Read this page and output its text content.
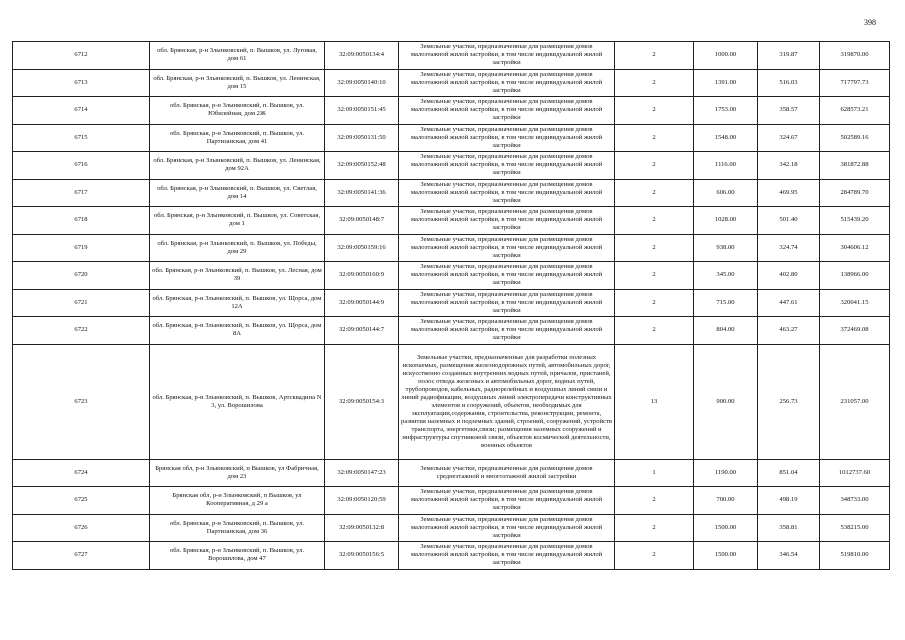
398
6712	обл. Брянская, р-н Злынковский, п. Вышков, ул. Луговая, дом 61	32:09:0050134:4	Земельные участки, предназначенные для размещения домов малоэтажной жилой застройки, в том числе индивидуальной жилой застройки	2	1000.00	319.87	319870.00
6713	обл. Брянская, р-н Злынковский, п. Вышков, ул. Ленинская, дом 15	32:09:0050140:10	Земельные участки, предназначенные для размещения домов малоэтажной жилой застройки, в том числе индивидуальной жилой застройки	2	1391.00	516.03	717797.73
6714	обл. Брянская, р-н Злынковский, п. Вышков, ул. Юбилейная, дом 2Ж	32:09:0050151:45	Земельные участки, предназначенные для размещения домов малоэтажной жилой застройки, в том числе индивидуальной жилой застройки	2	1753.00	358.57	628573.21
6715	обл. Брянская, р-н Злынковский, п. Вышков, ул. Партизанская, дом 41	32:09:0050131:50	Земельные участки, предназначенные для размещения домов малоэтажной жилой застройки, в том числе индивидуальной жилой застройки	2	1548.00	324.67	502589.16
6716	обл. Брянская, р-н Злынковский, п. Вышков, ул. Ленинская, дом 92А	32:09:0050152:48	Земельные участки, предназначенные для размещения домов малоэтажной жилой застройки, в том числе индивидуальной жилой застройки	2	1116.00	342.18	381872.88
6717	обл. Брянская, р-н Злынковский, п. Вышков, ул. Светлая, дом 14	32:09:0050141:36	Земельные участки, предназначенные для размещения домов малоэтажной жилой застройки, в том числе индивидуальной жилой застройки	2	606.00	469.95	284789.70
6718	обл. Брянская, р-н Злынковский, п. Вышков, ул. Советская, дом 1	32:09:0050148:7	Земельные участки, предназначенные для размещения домов малоэтажной жилой застройки, в том числе индивидуальной жилой застройки	2	1028.00	501.40	515439.20
6719	обл. Брянская, р-н Злынковский, п. Вышков, ул. Победы, дом 29	32:09:0050159:16	Земельные участки, предназначенные для размещения домов малоэтажной жилой застройки, в том числе индивидуальной жилой застройки	2	938.00	324.74	304606.12
6720	обл. Брянская, р-н Злынковский, п. Вышков, ул. Лесная, дом 39	32:09:0050160:9	Земельные участки, предназначенные для размещения домов малоэтажной жилой застройки, в том числе индивидуальной жилой застройки	2	345.00	402.80	138966.00
6721	обл. Брянская, р-н Злынковский, п. Вышков, ул. Щорса, дом 12А	32:09:0050144:9	Земельные участки, предназначенные для размещения домов малоэтажной жилой застройки, в том числе индивидуальной жилой застройки	2	715.00	447.61	320041.15
6722	обл. Брянская, р-н Злынковский, п. Вышков, ул. Щорса, дом 8А	32:09:0050144:7	Земельные участки, предназначенные для размещения домов малоэтажной жилой застройки, в том числе индивидуальной жилой застройки	2	804.00	463.27	372469.08
6723	обл. Брянская, р-н Злынковский, п. Вышков, Артсквадина N 3, ул. Ворошилова	32:09:0050154:3	Земельные участки, предназначенные для разработки полезных ископаемых, размещения железнодорожных путей, автомобильных дорог, искусственно созданных внутренних водных путей, причалов, пристаней, полос отвода железных и автомобильных дорог, водных путей, трубопроводов, кабельных, радиорелейных и воздушных линий связи и линий радиофикации, воздушных линий электропередачи конструктивных элементов и сооружений, объектов, необходимых для эксплуатации,содержания, строительства, реконструкции, ремонта, развития наземных и подземных зданий, строений, сооружений, устройств транспорта, энергетики,связи; размещения наземных сооружений и инфраструктуры спутниковой связи, объектов космической деятельности, военных объектов	13	900.00	256.73	231057.00
6724	Брянская обл, р-н Злынковский, п Вышков, ул Фабричная, дом 23	32:09:0050147:23	Земельные участки, предназначенные для размещения домов среднеэтажной и многоэтажной жилой застройки	1	1190.00	851.04	1012737.60
6725	Брянская обл, р-н Злынковский, п Вышков, ул Кооперативная, д 29 а	32:09:0050120:59	Земельные участки, предназначенные для размещения домов малоэтажной жилой застройки, в том числе индивидуальной жилой застройки	2	700.00	498.19	348733.00
6726	обл. Брянская, р-н Злынковский, п. Вышков, ул. Партизанская, дом 36	32:09:0050132:8	Земельные участки, предназначенные для размещения домов малоэтажной жилой застройки, в том числе индивидуальной жилой застройки	2	1500.00	358.81	538215.00
6727	обл. Брянская, р-н Злынковский, п. Вышков, ул. Ворошилова, дом 47	32:09:0050156:5	Земельные участки, предназначенные для размещения домов малоэтажной жилой застройки, в том числе индивидуальной жилой застройки	2	1500.00	346.54	519810.00
